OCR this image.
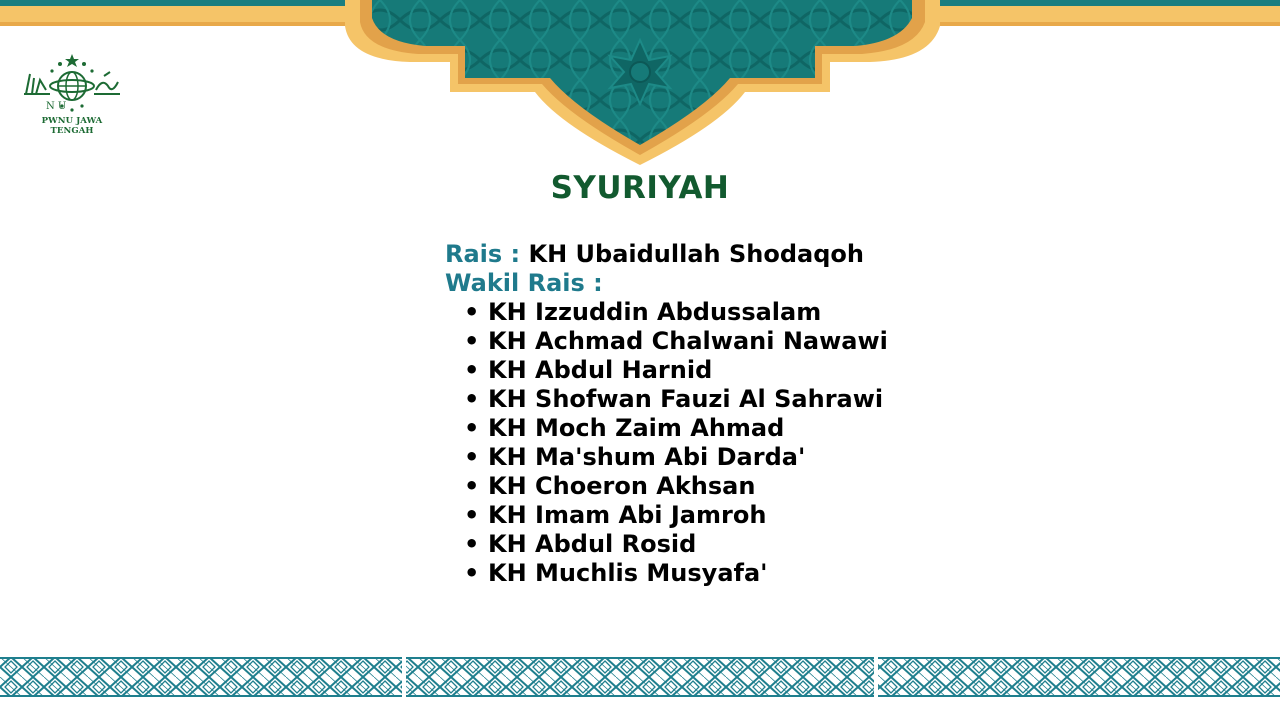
N U
PWNU JAWA TENGAH
SYURIYAH
Rais : KH Ubaidullah Shodaqoh
Wakil Rais :
• KH Izzuddin Abdussalam
• KH Achmad Chalwani Nawawi
• KH Abdul Harnid
• KH Shofwan Fauzi Al Sahrawi
• KH Moch Zaim Ahmad
• KH Ma'shum Abi Darda'
• KH Choeron Akhsan
• KH Imam Abi Jamroh
• KH Abdul Rosid
• KH Muchlis Musyafa'
